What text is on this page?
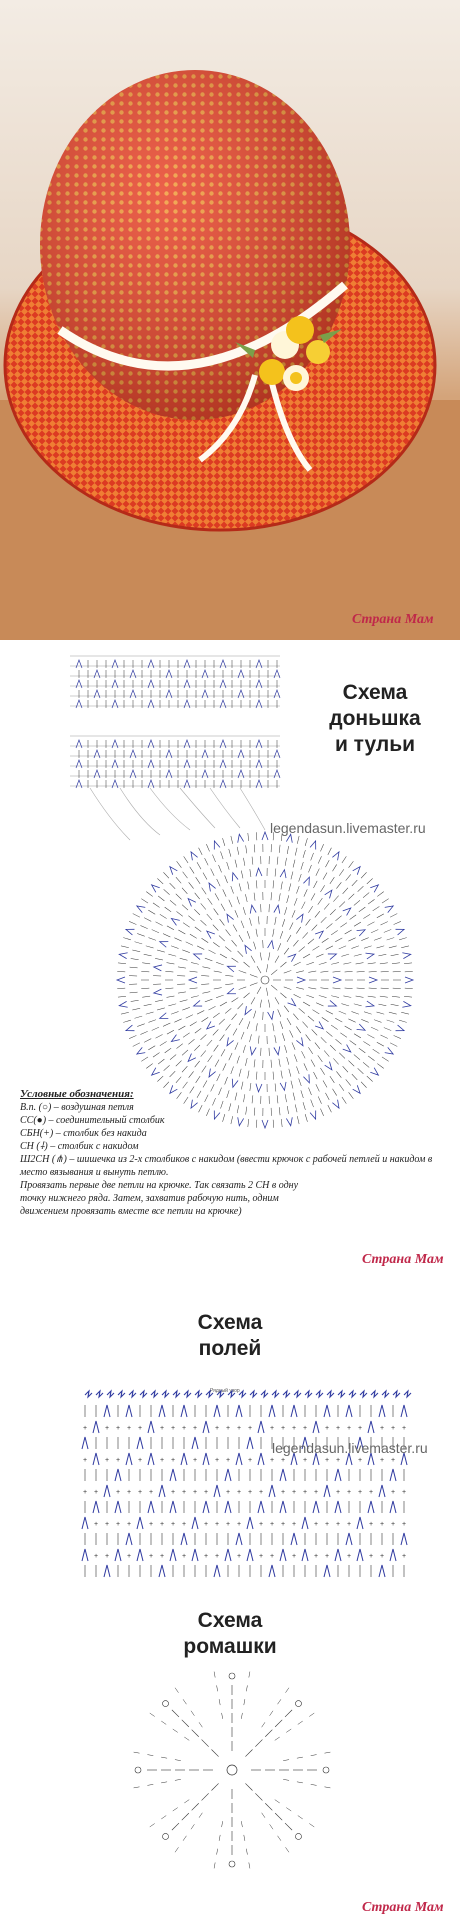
Страна Мам
Схема
доньшка
и тульи
legendasun.livemaster.ru
Условные обозначения:
В.п. (○) – воздушная петля
СС(●) – соединительный столбик
СБН(+) – столбик без накида
СН (⸸) – столбик с накидом
Ш2СН (⋔) – шишечка из 2-х столбиков с накидом (ввести крючок с рабочей петлей и накидом в место вязывания и вынуть петлю.
Провязать первые две петли на крючке. Так связать 2 СН в одну
точку нижнего ряда. Затем, захватив рабочую нить, одним
движением провязать вместе все петли на крючке)
Страна Мам
Схема
полей
Рядный узор
+	+ + + +	+ + + +	+ + + +	+ + + +	+ + + +	+ + +
+	+ +	+	+ +	+	+ +	+	+ +	+	+ +	+	+ +
+ +	+ + + +	+ + + +	+ + + +	+ + + +	+ + + +	+ +
+ + + +	+ + + +	+ + + +	+ + + +	+ + + +	+ + + +
+ +	+	+ +	+	+ +	+	+ +	+	+ +	+	+ +	+
legendasun.livemaster.ru
Схема
ромашки
Страна Мам
